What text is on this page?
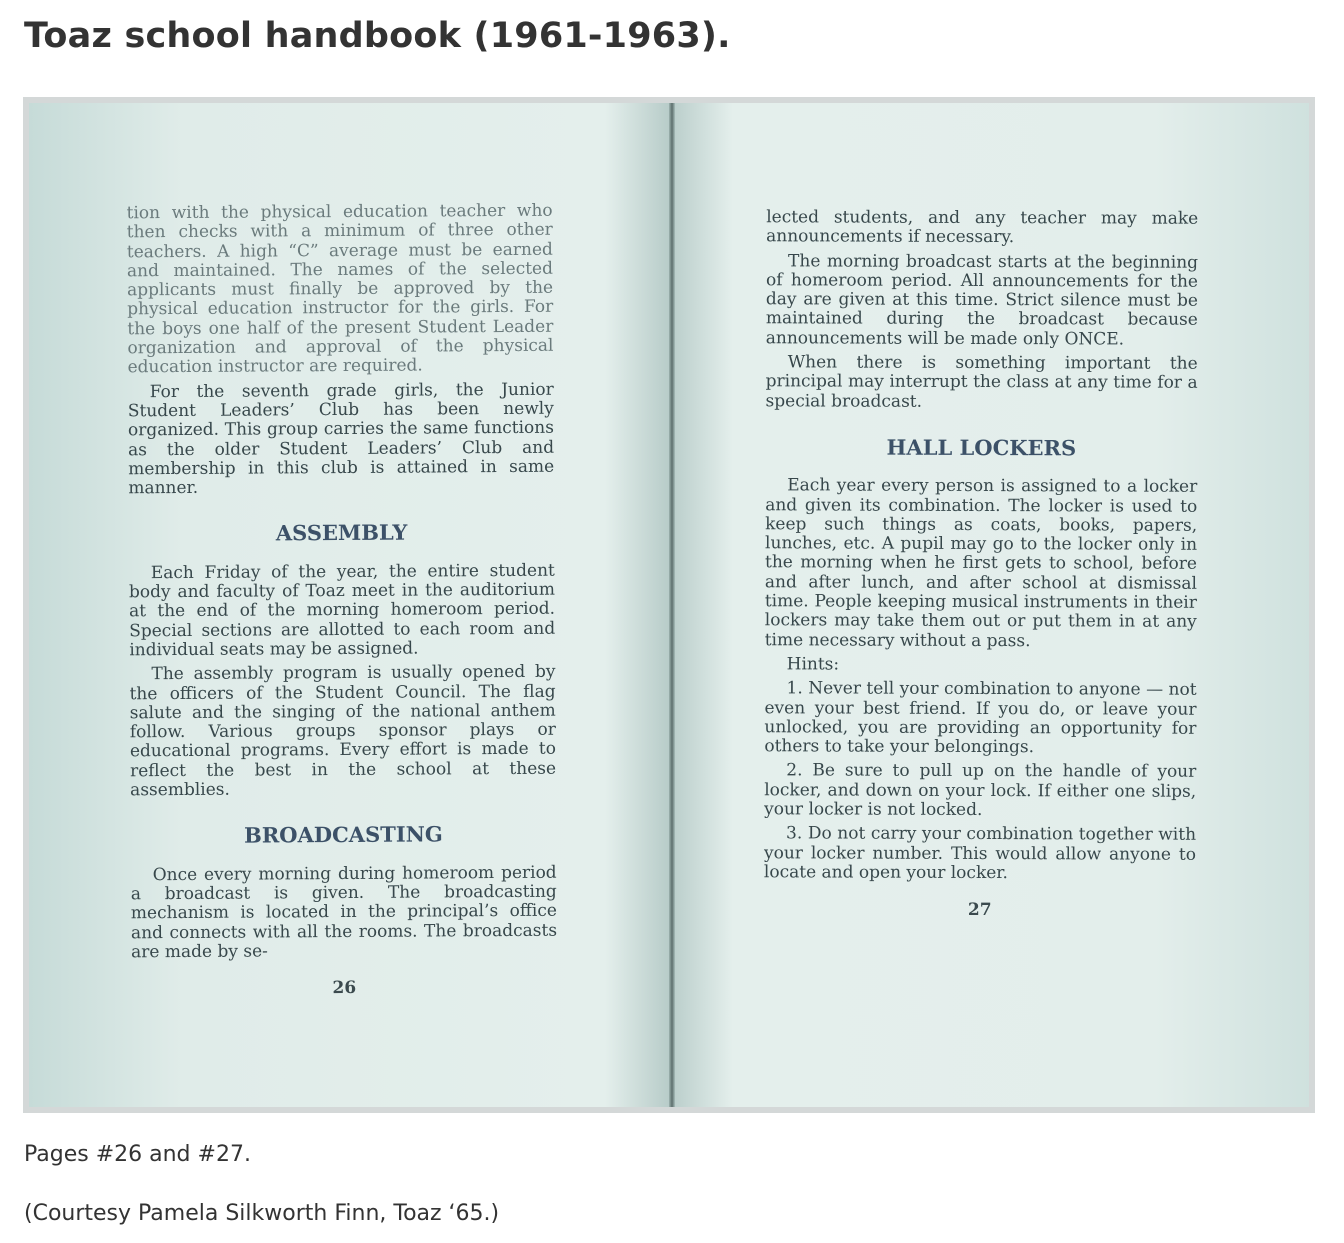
Toaz school handbook (1961-1963).

tion with the physical education teacher who then checks with a minimum of three other teachers. A high “C” average must be earned and maintained. The names of the selected applicants must finally be approved by the physical education instructor for the girls. For the boys one half of the present Student Leader organization and approval of the physical education instructor are required.

For the seventh grade girls, the Junior Student Leaders’ Club has been newly organized. This group carries the same functions as the older Student Leaders’ Club and membership in this club is attained in same manner.

ASSEMBLY

Each Friday of the year, the entire student body and faculty of Toaz meet in the auditorium at the end of the morning homeroom period. Special sections are allotted to each room and individual seats may be assigned.

The assembly program is usually opened by the officers of the Student Council. The flag salute and the singing of the national anthem follow. Various groups sponsor plays or educational programs. Every effort is made to reflect the best in the school at these assemblies.

BROADCASTING

Once every morning during homeroom period a broadcast is given. The broadcasting mechanism is located in the principal’s office and connects with all the rooms. The broadcasts are made by se-

26

lected students, and any teacher may make announcements if necessary.

The morning broadcast starts at the beginning of homeroom period. All announcements for the day are given at this time. Strict silence must be maintained during the broadcast because announcements will be made only ONCE.

When there is something important the principal may interrupt the class at any time for a special broadcast.

HALL LOCKERS

Each year every person is assigned to a locker and given its combination. The locker is used to keep such things as coats, books, papers, lunches, etc. A pupil may go to the locker only in the morning when he first gets to school, before and after lunch, and after school at dismissal time. People keeping musical instruments in their lockers may take them out or put them in at any time necessary without a pass.

Hints:
1. Never tell your combination to anyone — not even your best friend. If you do, or leave your unlocked, you are providing an opportunity for others to take your belongings.
2. Be sure to pull up on the handle of your locker, and down on your lock. If either one slips, your locker is not locked.
3. Do not carry your combination together with your locker number. This would allow anyone to locate and open your locker.
27
Pages #26 and #27.
(Courtesy Pamela Silkworth Finn, Toaz ‘65.)
